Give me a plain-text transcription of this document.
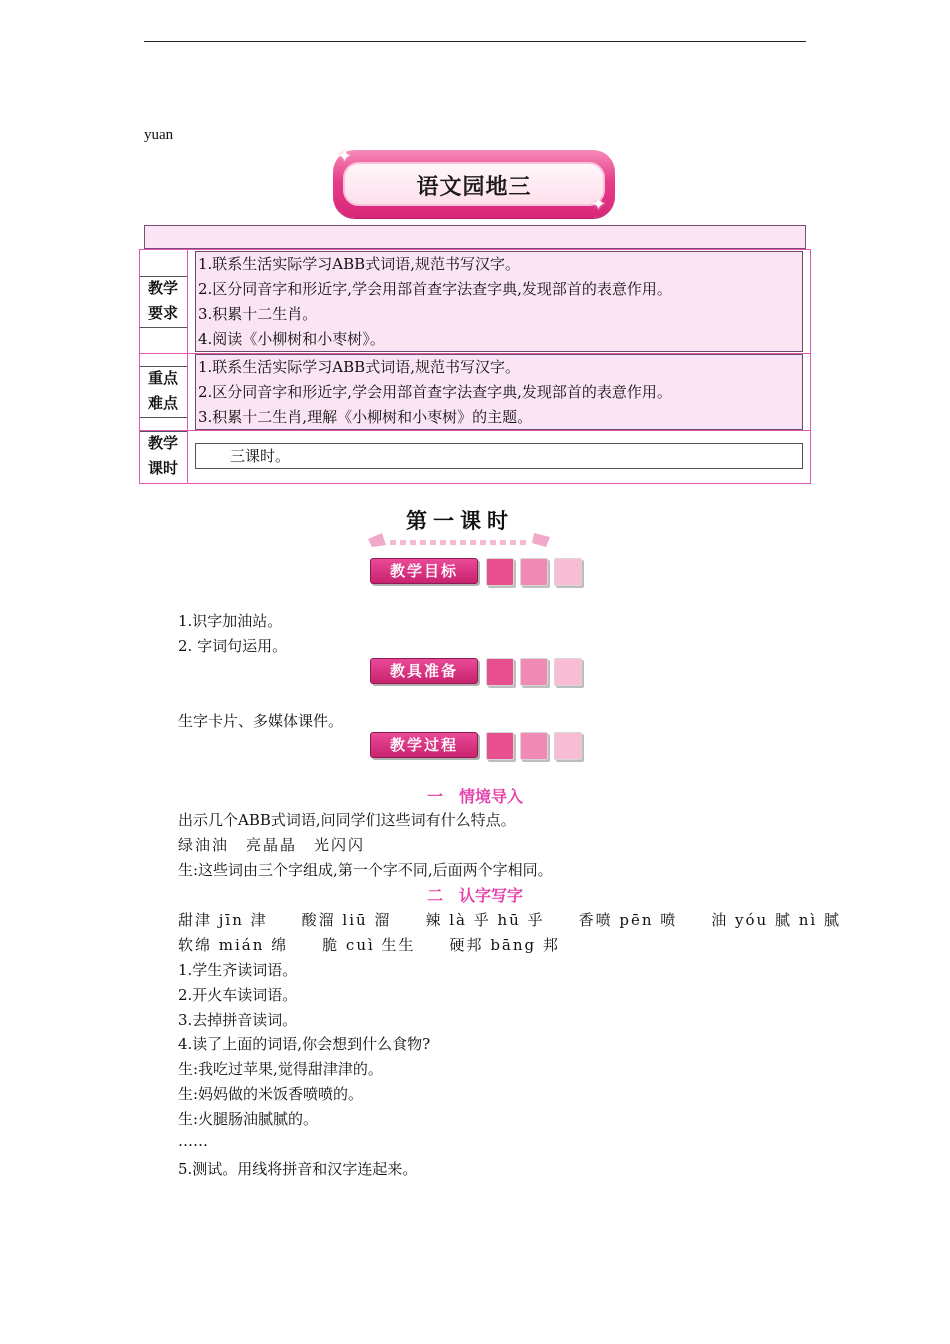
yuan
语文园地三
✦
✦
教学
要求
1.联系生活实际学习ABB式词语,规范书写汉字。
2.区分同音字和形近字,学会用部首查字法查字典,发现部首的表意作用。
3.积累十二生肖。
4.阅读《小柳树和小枣树》。
重点
难点
1.联系生活实际学习ABB式词语,规范书写汉字。
2.区分同音字和形近字,学会用部首查字法查字典,发现部首的表意作用。
3.积累十二生肖,理解《小柳树和小枣树》的主题。
教学
课时
三课时。
第一课时
教学目标
1.识字加油站。
2. 字词句运用。
教具准备
生字卡片、多媒体课件。
教学过程
一　情境导入
出示几个ABB式词语,问同学们这些词有什么特点。
绿油油　亮晶晶　光闪闪
生:这些词由三个字组成,第一个字不同,后面两个字相同。
二　认字写字
甜津 jīn 津　　酸溜 liū 溜　　辣 là 乎 hū 乎　　香喷 pēn 喷　　油 yóu 腻 nì 腻
软绵 mián 绵　　脆 cuì 生生　　硬邦 bāng 邦
1.学生齐读词语。
2.开火车读词语。
3.去掉拼音读词。
4.读了上面的词语,你会想到什么食物?
生:我吃过苹果,觉得甜津津的。
生:妈妈做的米饭香喷喷的。
生:火腿肠油腻腻的。
……
5.测试。用线将拼音和汉字连起来。
